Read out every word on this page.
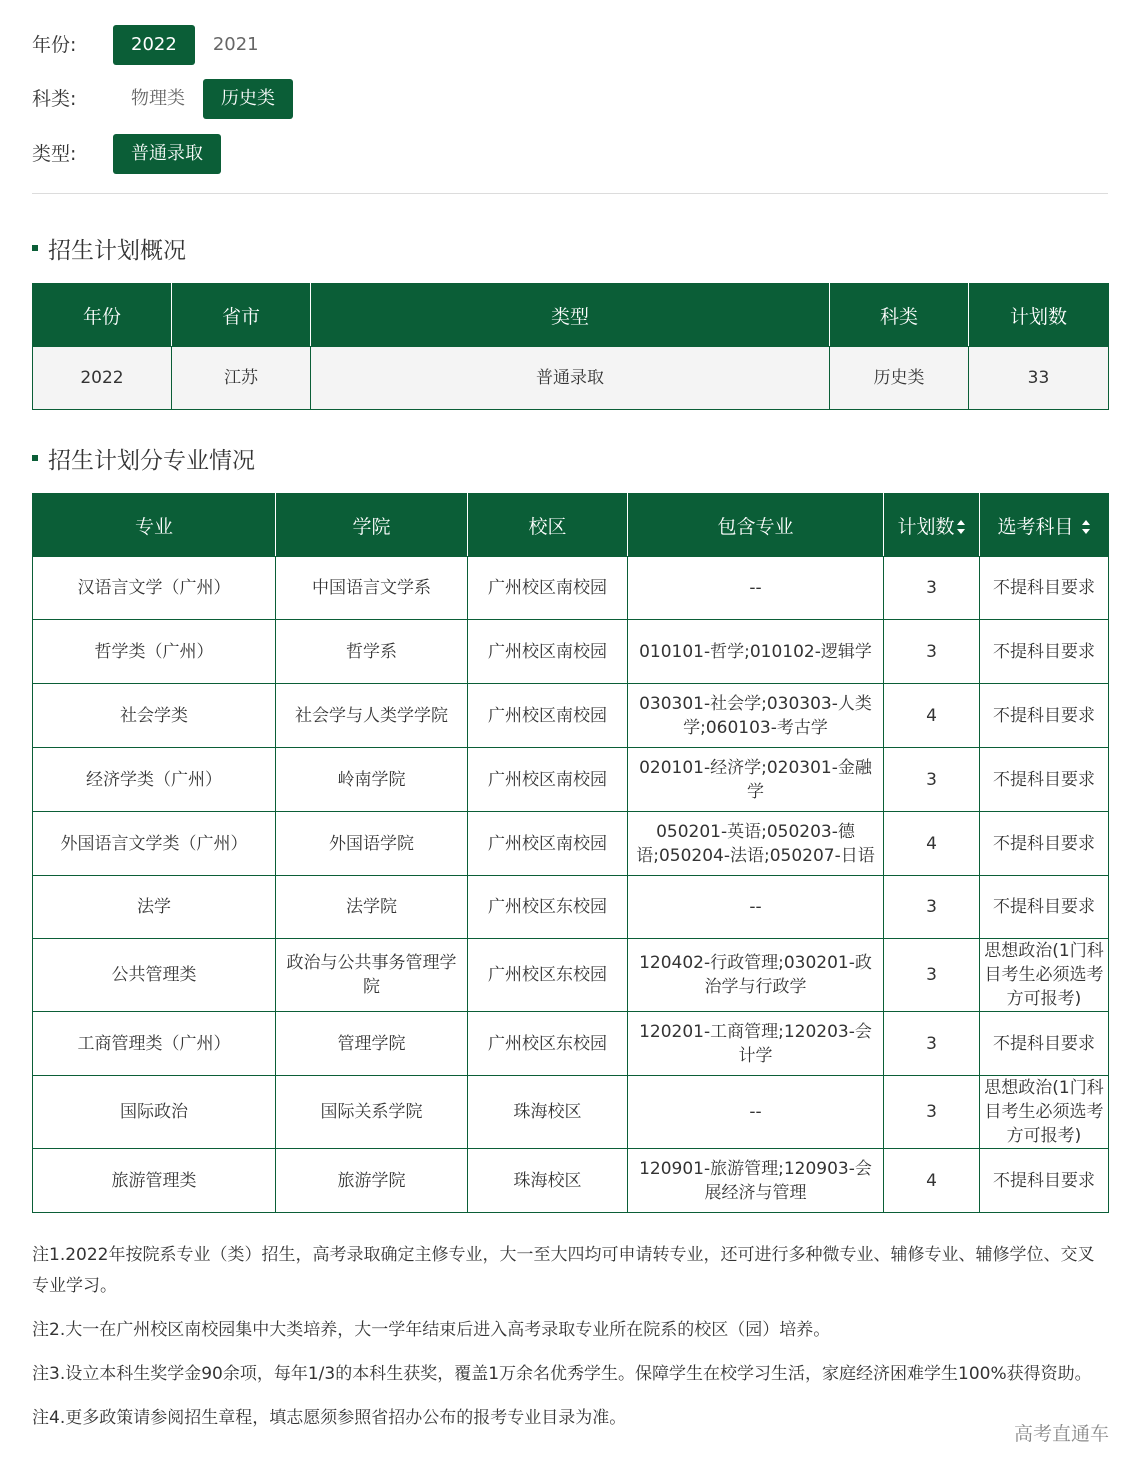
年份:	2022	2021
科类:	物理类	历史类
类型:	普通录取
招生计划概况
年份	省市	类型	科类	计划数
2022	江苏	普通录取	历史类	33
招生计划分专业情况
专业	学院	校区	包含专业	计划数	选考科目
汉语言文学（广州）	中国语言文学系	广州校区南校园	--	3	不提科目要求
哲学类（广州）	哲学系	广州校区南校园	010101-哲学;010102-逻辑学	3	不提科目要求
社会学类	社会学与人类学学院	广州校区南校园	030301-社会学;030303-人类学;060103-考古学	4	不提科目要求
经济学类（广州）	岭南学院	广州校区南校园	020101-经济学;020301-金融学	3	不提科目要求
外国语言文学类（广州）	外国语学院	广州校区南校园	050201-英语;050203-德语;050204-法语;050207-日语	4	不提科目要求
法学	法学院	广州校区东校园	--	3	不提科目要求
公共管理类	政治与公共事务管理学院	广州校区东校园	120402-行政管理;030201-政治学与行政学	3	思想政治(1门科目考生必须选考方可报考)
工商管理类（广州）	管理学院	广州校区东校园	120201-工商管理;120203-会计学	3	不提科目要求
国际政治	国际关系学院	珠海校区	--	3	思想政治(1门科目考生必须选考方可报考)
旅游管理类	旅游学院	珠海校区	120901-旅游管理;120903-会展经济与管理	4	不提科目要求

注1.2022年按院系专业（类）招生，高考录取确定主修专业，大一至大四均可申请转专业，还可进行多种微专业、辅修专业、辅修学位、交叉专业学习。

注2.大一在广州校区南校园集中大类培养，大一学年结束后进入高考录取专业所在院系的校区（园）培养。

注3.设立本科生奖学金90余项，每年1/3的本科生获奖，覆盖1万余名优秀学生。保障学生在校学习生活，家庭经济困难学生100%获得资助。

注4.更多政策请参阅招生章程，填志愿须参照省招办公布的报考专业目录为准。

高考直通车
